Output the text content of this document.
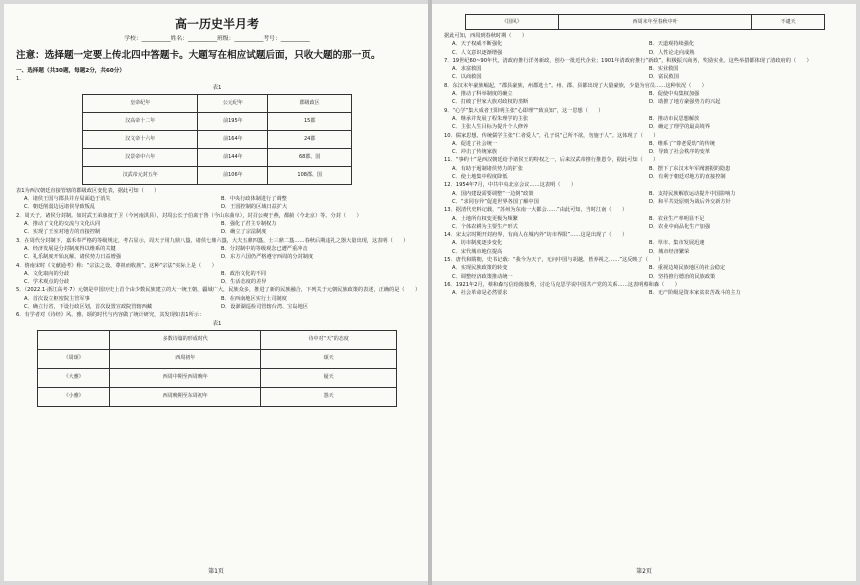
高一历史半月考
学校：__________姓名：__________班级：__________考号：__________
注意：选择题一定要上传北四中答题卡。大题写在相应试题后面，只收大题的那一页。
一、选择题（共30题，每题2分，共60分）
1.
表1
皇帝纪年	公元纪年	郡级政区
汉高帝十二年	前195年	15郡
汉文帝十六年	前164年	24郡
汉景帝中六年	前144年	68郡、国
汉武帝元封五年	前106年	108郡、国
表1为西汉朝廷直接管辖的郡级政区变化表，据此可知（　　）
A．诸侯王国与郡县并存局面趋于消失	B．中央行政体制进行了调整
C．朝廷削弱边远诸侯导致叛乱	D．王国控制的区域日益扩大
2．周天子，诸侯分封制。如封武王弟康叔于卫（今河南淇县），封周公长子伯禽于鲁（今山东曲阜），封召公奭于燕，都蓟（今北京）等。分封（　　）
A．推动了文化的交流与文化认同	B．强化了君主专制权力
C．实现了王室对地方的直接控制	D．确立了宗法制度
3．在周代分封制下，嘉禾奉严格的等级规定，考古显示，周天子用九鼎八簋，诸侯七鼎六簋，大夫五鼎四簋，士三鼎二簋……春秋后期违礼之器大量出现，这表明（　　）
A．经济发展是分封制度得以维系的关键	B．分封制中的等级观念已遭严重冲击
C．礼乐制度开始瓦解，诸侯势力日益增强	D．东方六国仍严格遵守西周的分封制度
4．僖南宋时《文献通考》称：“宗法之设，尊祖而收族”。这种“宗法”实际上是（　　）
A．文化取向的分歧	B．政治文化的不同
C．学术观点的分歧	D．生活态度的差异
5．（2022.1·浙江高考·7）元朝是中国历史上首个由少数民族建立的大一统王朝，疆域广大，民族众多，推进了新的民族融合，下列关于元朝民族政策的表述，正确的是（　　）
A．首次设立枢密院主管军事	B．在西南地区实行土司制度
C．确立行省，下设行政区划，首次设置宣政院管辖西藏	D．设澎湖巡检司管辖台湾、宝岛地区
6．有学者对《诗经》风、雅、颂的时代与内容做了统计研究，其发现如表1所示：
表1
	多数诗篇的形成时代	诗中对“天”的态度
《周颂》	西周初年	颂天
《大雅》	西周中期至西周晚年	疑天
《小雅》	西周晚期至东周初年	怨天
第1页
《国风》	西周末年至春秋中叶	不谴天
据此可知，西周到春秋时期（　　）
A．天子权威不断强化	B．天道观持续强化
C．人文意识逐渐增强	D．人性论走向成熟
7．19世纪60~90年代，清政府推行洋务新政，创办一批近代企业；1901年清政府推行“新政”，积极振兴商务，奖励实业。这些举措都体现了清政府的（　　）
A．求富救国	B．实业救国
C．以商救国	D．富民救国
8．东汉末年豪族崛起，“郡县豪族，州郡选士”。州、郡、县都出现了大量豪族，少量为官员……这种状况（　　）
A．推动了科举制度的确立	B．促使中央集权加强
C．打破了世家大族对政权的垄断	D．助推了地方豪强势力的兴起
9．“心学”集大成者王阳明主张“心即理”“致良知”，这一思想（　　）
A．继承并发展了程朱理学的主张	B．推动市民思想解放
C．主张人生目标为提升个人修养	D．确定了理学的最高境界
10．儒家思想，传统儒学主张“仁者爱人”，孔子说“己所不欲，勿施于人”。这体现了（　　）
A．促进了社会统一	B．维系了“尊老爱幼”的传统
C．冲击了传统家族	D．导致了社会秩序的变革
11．“事约十”是西汉朝廷给予诸侯王的特权之一，后来汉武帝推行推恩令，据此可知（　　）
A．有助于遏制诸侯势力的扩张	B．摆下了东汉末年军阀割据的隐患
C．使土地集中程度降低	D．有利于朝廷对地方的直接控制
12．1954年7月，中共中央北京会议……这表明（　　）
A．国内建设需要调整“一边倒”政策	B．支持民族解放运动提升中国影响力
C．“求同存异”促进世界各国了解中国	D．和平共处原则为战后外交新方针
13．据清代史料记载，“苏州为东南一大都会……”由此可知，当时江南（　　）
A．土地所有权变更极为频繁	B．农业生产率明显不足
C．个体农耕为主要生产形式	D．农业中商品化生产加强
14．宋太宗时期开封府界，有商人在城内外“坊市界限”……这是出现了（　　）
A．坊市制度逐步变化	B．草市、集市发展迅速
C．宋代城市地位提高	D．城市经济繁荣
15．唐代和隋朝，史书记载：“我今为天子，无问中国与胡越，皆养视之……”这反映了（　　）
A．实现民族政策的转变	B．重视边境民族地区的社会稳定
C．调整经济政策推动统一	D．坚持推行德治的民族政策
16．1921年2月，蔡和森写信给陈独秀，讨论马克思学说中国共产党的关系……这表明蔡和森（　　）
A．社会革命是必然要求	B．无产阶级是资本家贫农苦战斗的主力
第2页
